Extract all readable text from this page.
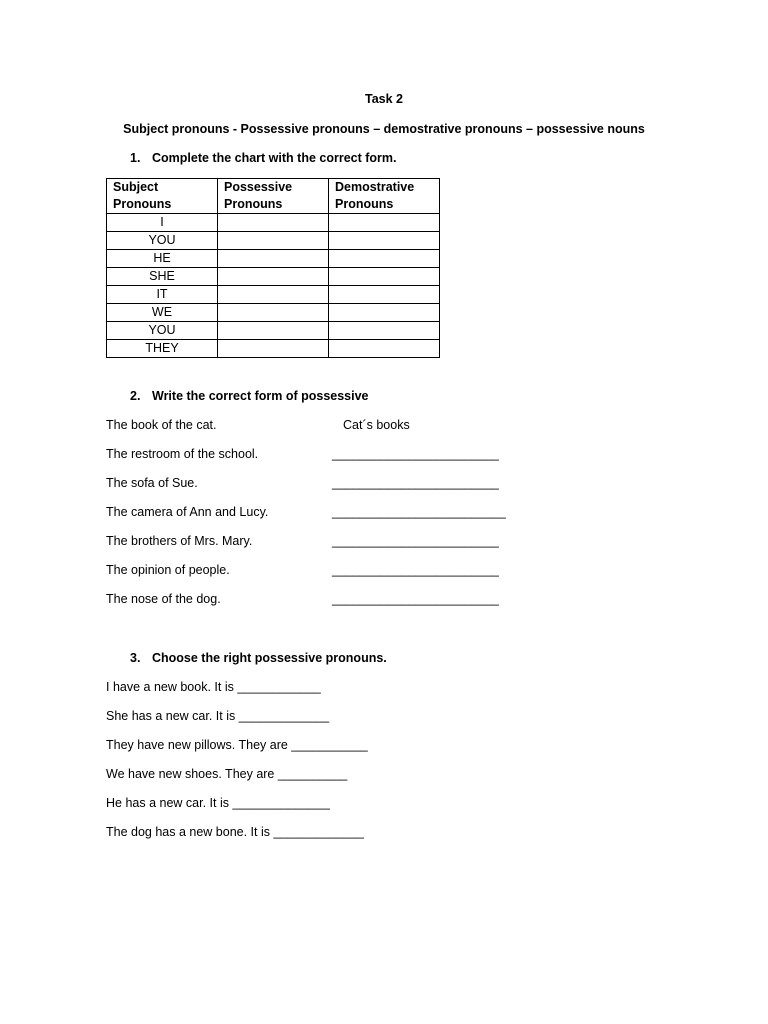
Task 2
Subject pronouns - Possessive pronouns – demostrative pronouns – possessive nouns
1. Complete the chart with the correct form.
Subject Pronouns	Possessive Pronouns	Demostrative Pronouns
I		
YOU		
HE		
SHE		
IT		
WE		
YOU		
THEY		
2. Write the correct form of possessive
The book of the cat.	Cat´s books
The restroom of the school.	________________________
The sofa of Sue.	________________________
The camera of Ann and Lucy.	_________________________
The brothers of Mrs. Mary.	________________________
The opinion of people.	________________________
The nose of the dog.	________________________
3. Choose the right possessive pronouns.
I have a new book. It is ____________
She has a new car. It is _____________
They have new pillows. They are ___________
We have new shoes. They are __________
He has a new car. It is ______________
The dog has a new bone. It is _____________
